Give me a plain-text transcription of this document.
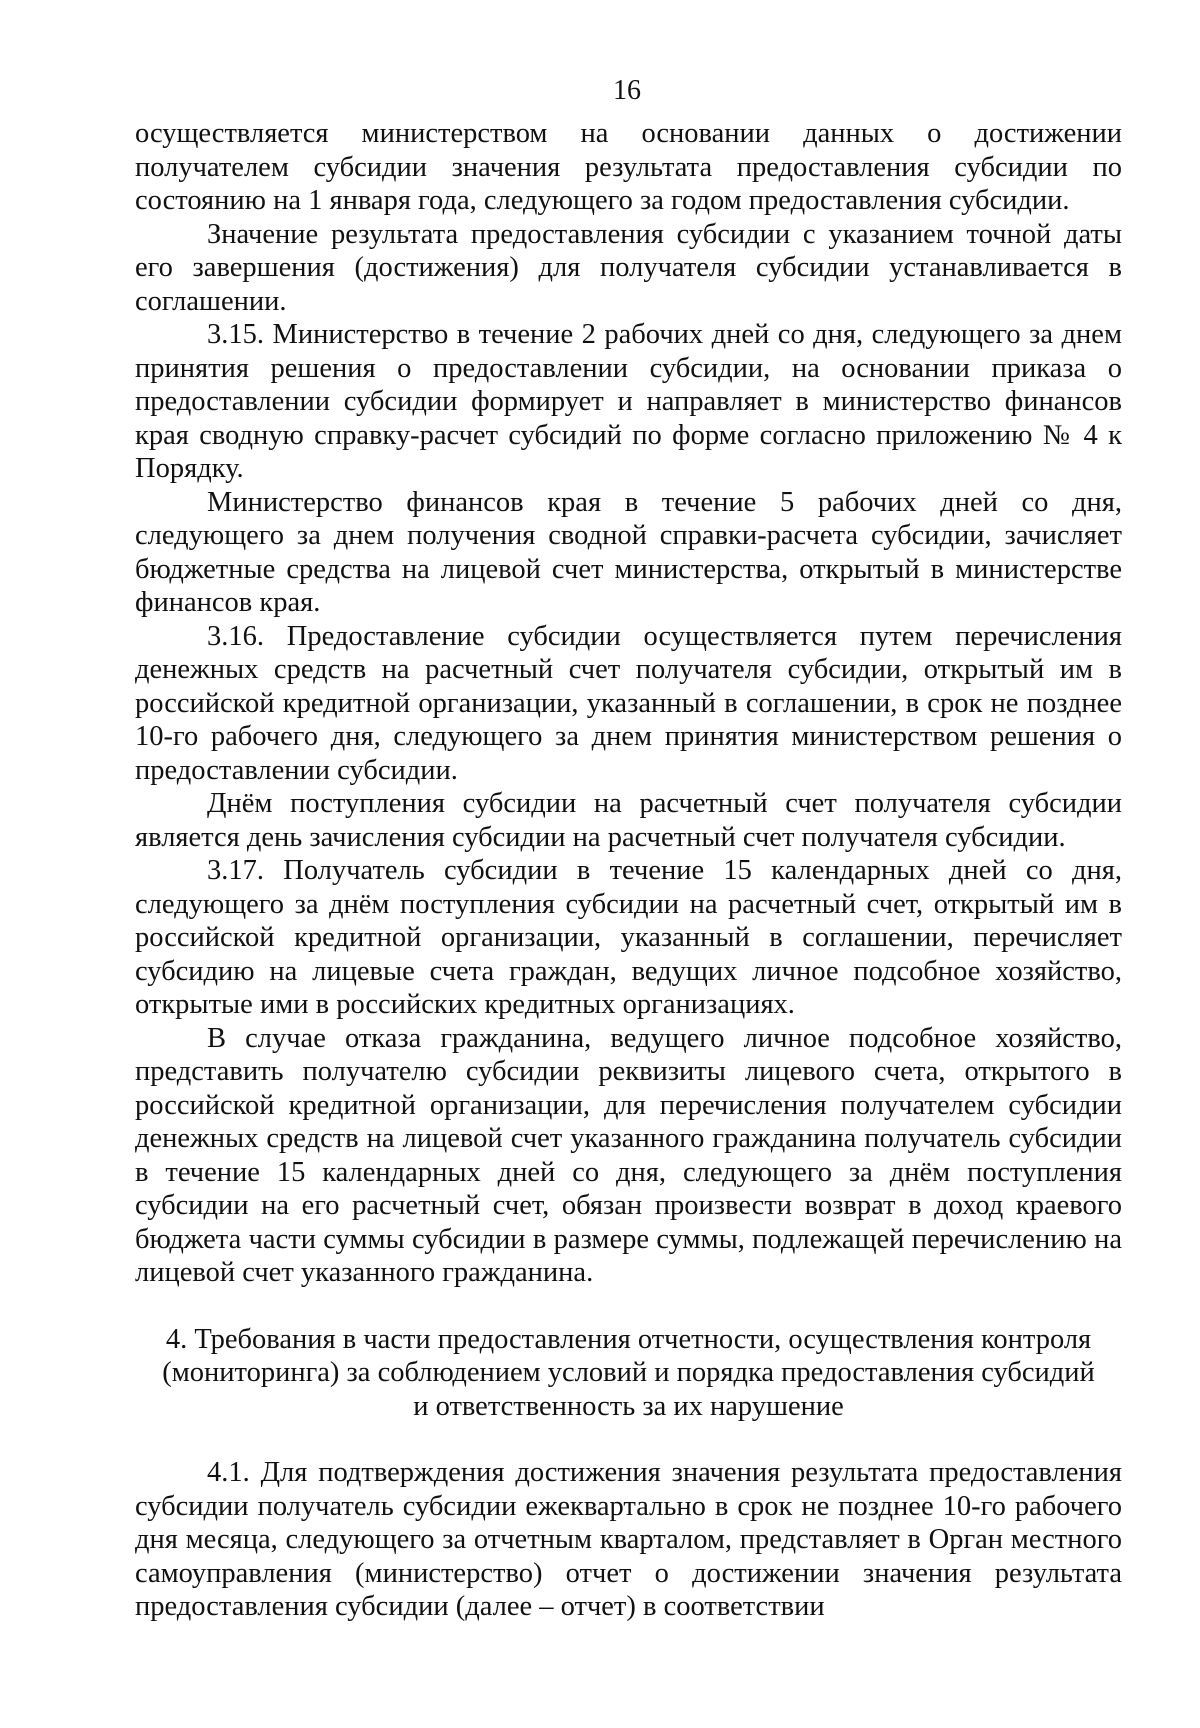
16

осуществляется министерством на основании данных о достижении получателем субсидии значения результата предоставления субсидии по состоянию на 1 января года, следующего за годом предоставления субсидии.

Значение результата предоставления субсидии с указанием точной даты его завершения (достижения) для получателя субсидии устанавливается в соглашении.

3.15. Министерство в течение 2 рабочих дней со дня, следующего за днем принятия решения о предоставлении субсидии, на основании приказа о предоставлении субсидии формирует и направляет в министерство финансов края сводную справку-расчет субсидий по форме согласно приложению № 4 к Порядку.

Министерство финансов края в течение 5 рабочих дней со дня, следующего за днем получения сводной справки-расчета субсидии, зачисляет бюджетные средства на лицевой счет министерства, открытый в министерстве финансов края.

3.16. Предоставление субсидии осуществляется путем перечисления денежных средств на расчетный счет получателя субсидии, открытый им в российской кредитной организации, указанный в соглашении, в срок не позднее 10-го рабочего дня, следующего за днем принятия министерством решения о предоставлении субсидии.

Днём поступления субсидии на расчетный счет получателя субсидии является день зачисления субсидии на расчетный счет получателя субсидии.

3.17. Получатель субсидии в течение 15 календарных дней со дня, следующего за днём поступления субсидии на расчетный счет, открытый им в российской кредитной организации, указанный в соглашении, перечисляет субсидию на лицевые счета граждан, ведущих личное подсобное хозяйство, открытые ими в российских кредитных организациях.

В случае отказа гражданина, ведущего личное подсобное хозяйство, представить получателю субсидии реквизиты лицевого счета, открытого в российской кредитной организации, для перечисления получателем субсидии денежных средств на лицевой счет указанного гражданина получатель субсидии в течение 15 календарных дней со дня, следующего за днём поступления субсидии на его расчетный счет, обязан произвести возврат в доход краевого бюджета части суммы субсидии в размере суммы, подлежащей перечислению на лицевой счет указанного гражданина.

4. Требования в части предоставления отчетности, осуществления контроля
(мониторинга) за соблюдением условий и порядка предоставления субсидий
и ответственность за их нарушение

4.1. Для подтверждения достижения значения результата предоставления субсидии получатель субсидии ежеквартально в срок не позднее 10-го рабочего дня месяца, следующего за отчетным кварталом, представляет в Орган местного самоуправления (министерство) отчет о достижении значения результата предоставления субсидии (далее – отчет) в соответствии
